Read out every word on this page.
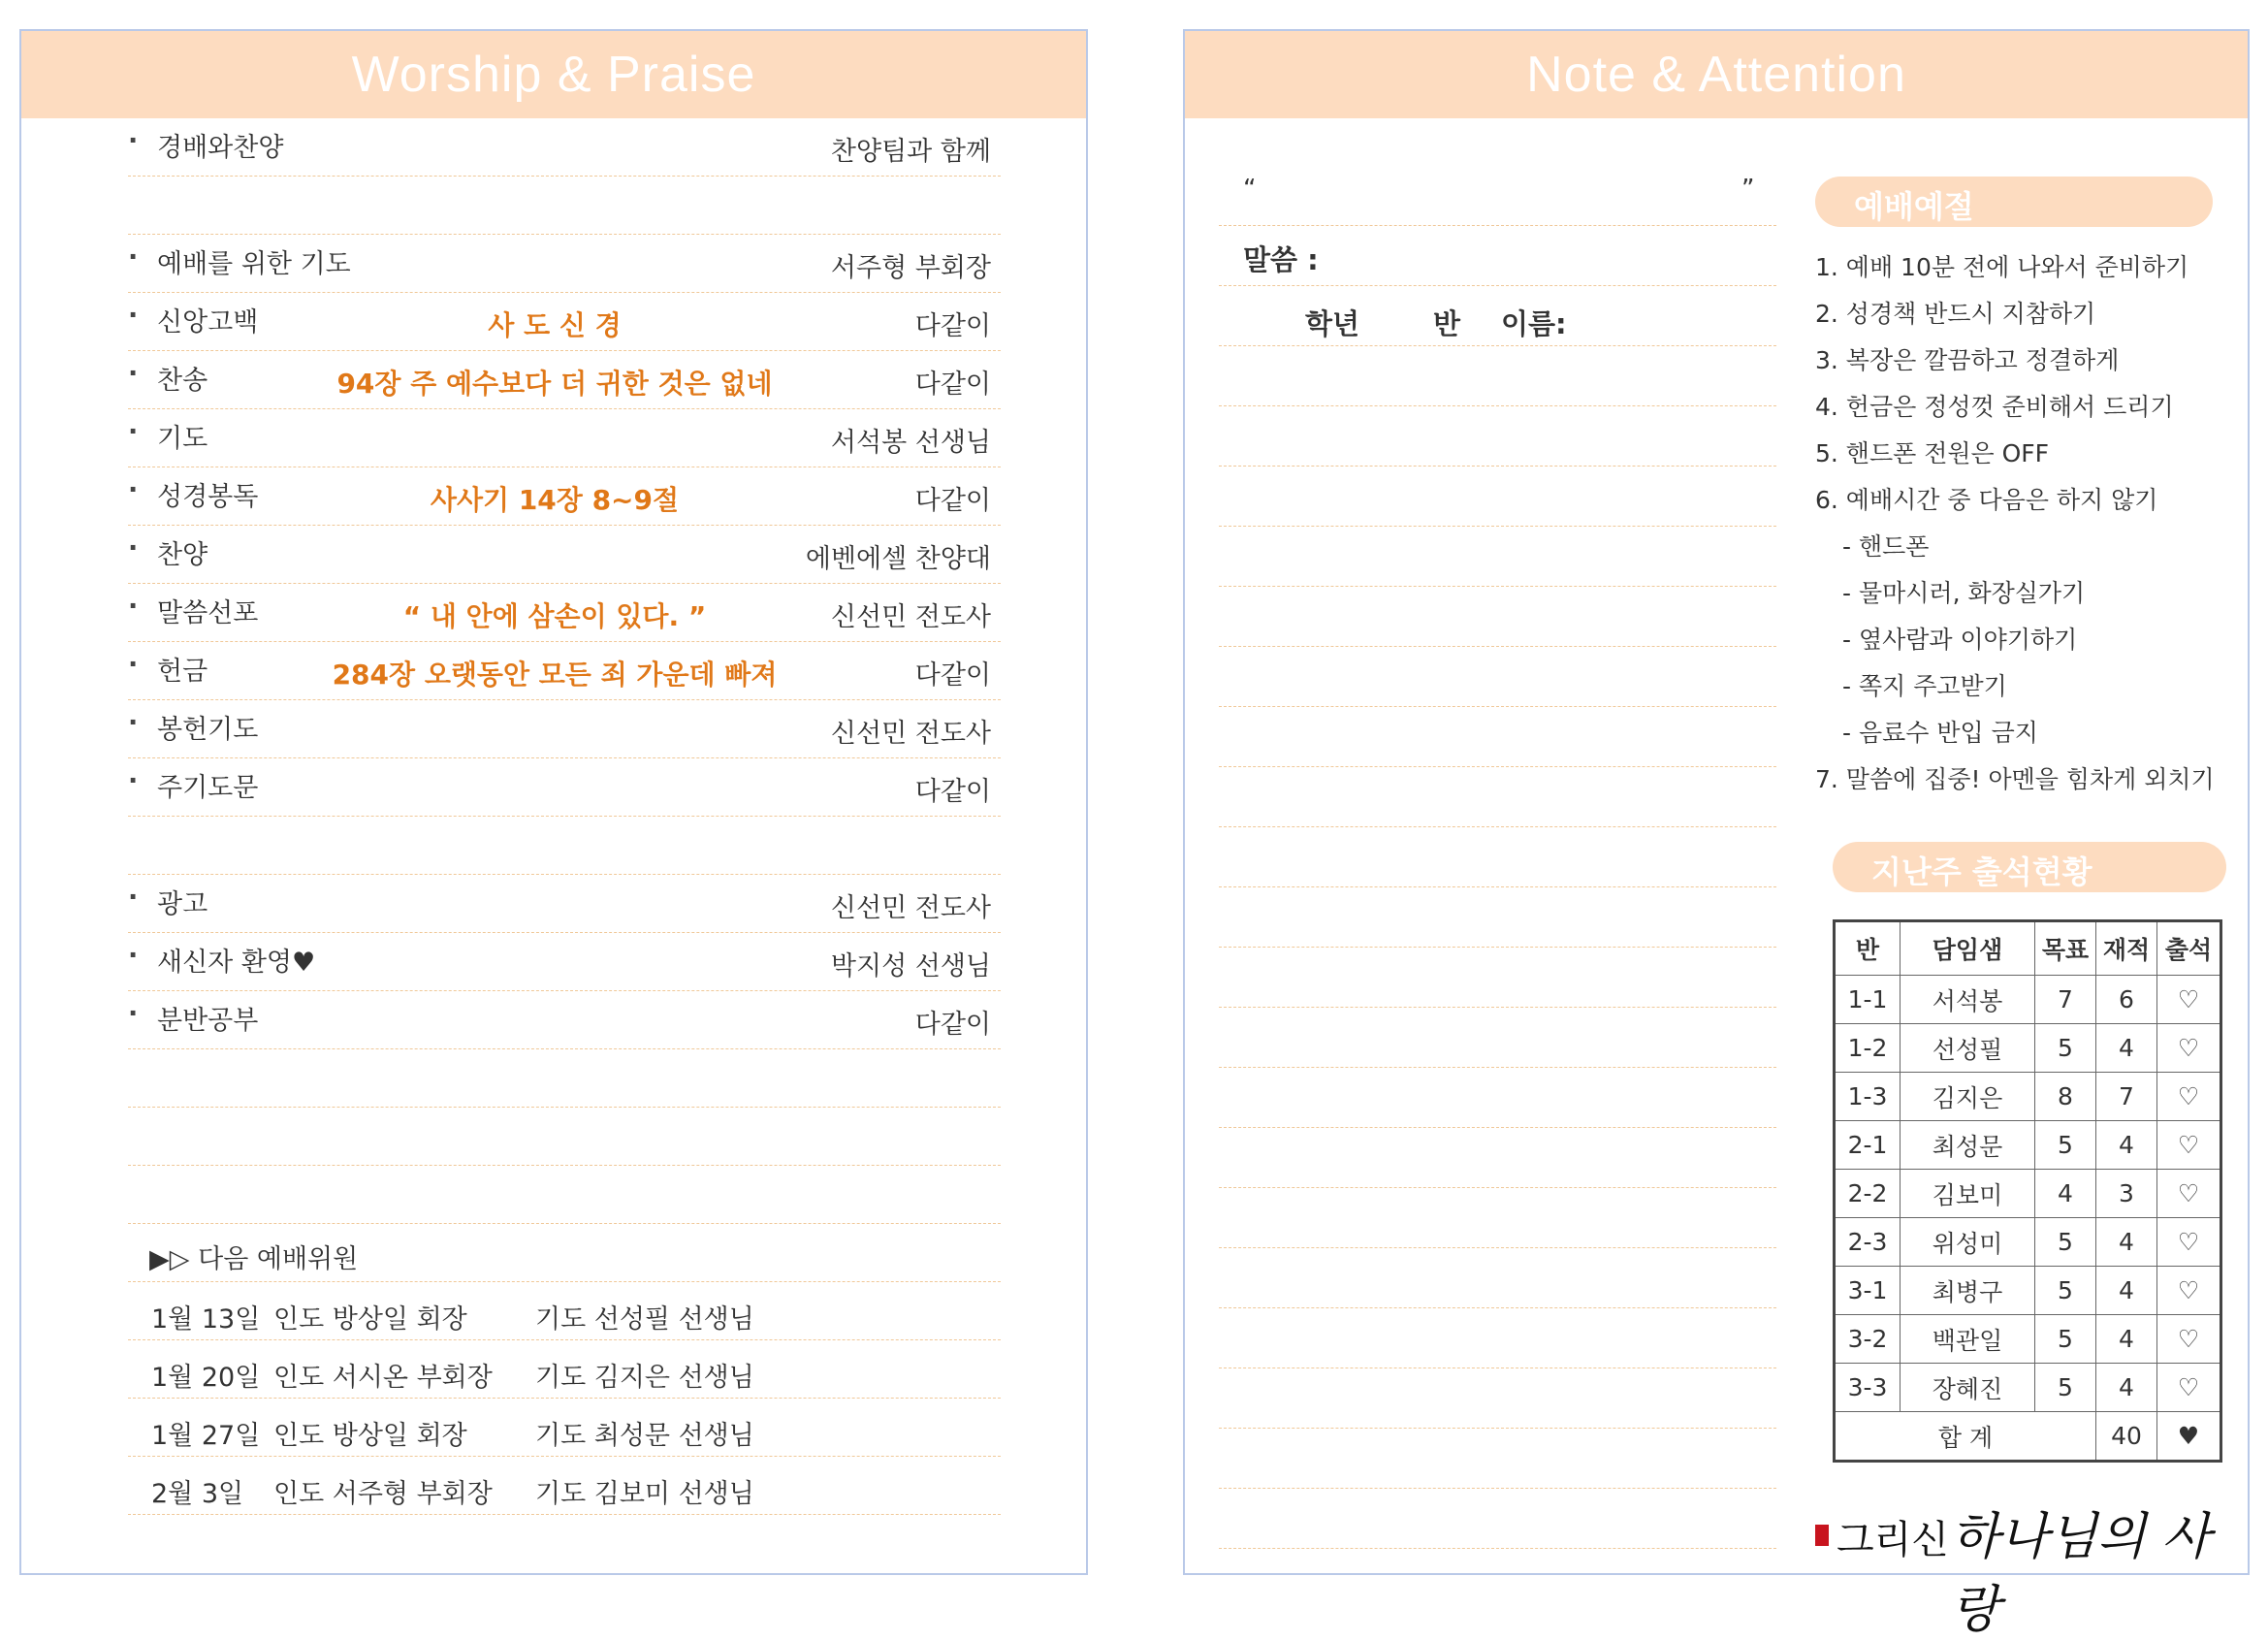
Worship & Praise
· 경배와찬양	찬양팀과 함께
· 예배를 위한 기도	서주형 부회장
· 신앙고백	사 도 신 경	다같이
· 찬송	94장 주 예수보다 더 귀한 것은 없네	다같이
· 기도	서석봉 선생님
· 성경봉독	사사기 14장 8~9절	다같이
· 찬양	에벤에셀 찬양대
· 말씀선포	“ 내 안에 삼손이 있다. ”	신선민 전도사
· 헌금	284장 오랫동안 모든 죄 가운데 빠져	다같이
· 봉헌기도	신선민 전도사
· 주기도문	다같이
· 광고	신선민 전도사
· 새신자 환영♥	박지성 선생님
· 분반공부	다같이
▶▷ 다음 예배위원
1월 13일 인도 방상일 회장	기도 선성필 선생님
1월 20일 인도 서시온 부회장 기도 김지은 선생님
1월 27일 인도 방상일 회장	기도 최성문 선생님
2월 3일 인도 서주형 부회장 기도 김보미 선생님
Note & Attention
“	”
말씀 :
학년	반 이름:
예배예절
1. 예배 10분 전에 나와서 준비하기
2. 성경책 반드시 지참하기
3. 복장은 깔끔하고 정결하게
4. 헌금은 정성껏 준비해서 드리기
5. 핸드폰 전원은 OFF
6. 예배시간 중 다음은 하지 않기
- 핸드폰
- 물마시러, 화장실가기
- 옆사람과 이야기하기
- 쪽지 주고받기
- 음료수 반입 금지
7. 말씀에 집중! 아멘을 힘차게 외치기
지난주 출석현황
반	담임샘	목표	재적	출석
1-1	서석봉	7	6	♡
1-2	선성필	5	4	♡
1-3	김지은	8	7	♡
2-1	최성문	5	4	♡
2-2	김보미	4	3	♡
2-3	위성미	5	4	♡
3-1	최병구	5	4	♡
3-2	백관일	5	4	♡
3-3	장혜진	5	4	♡
합 계			40	♥
그리신 하나님의 사랑
